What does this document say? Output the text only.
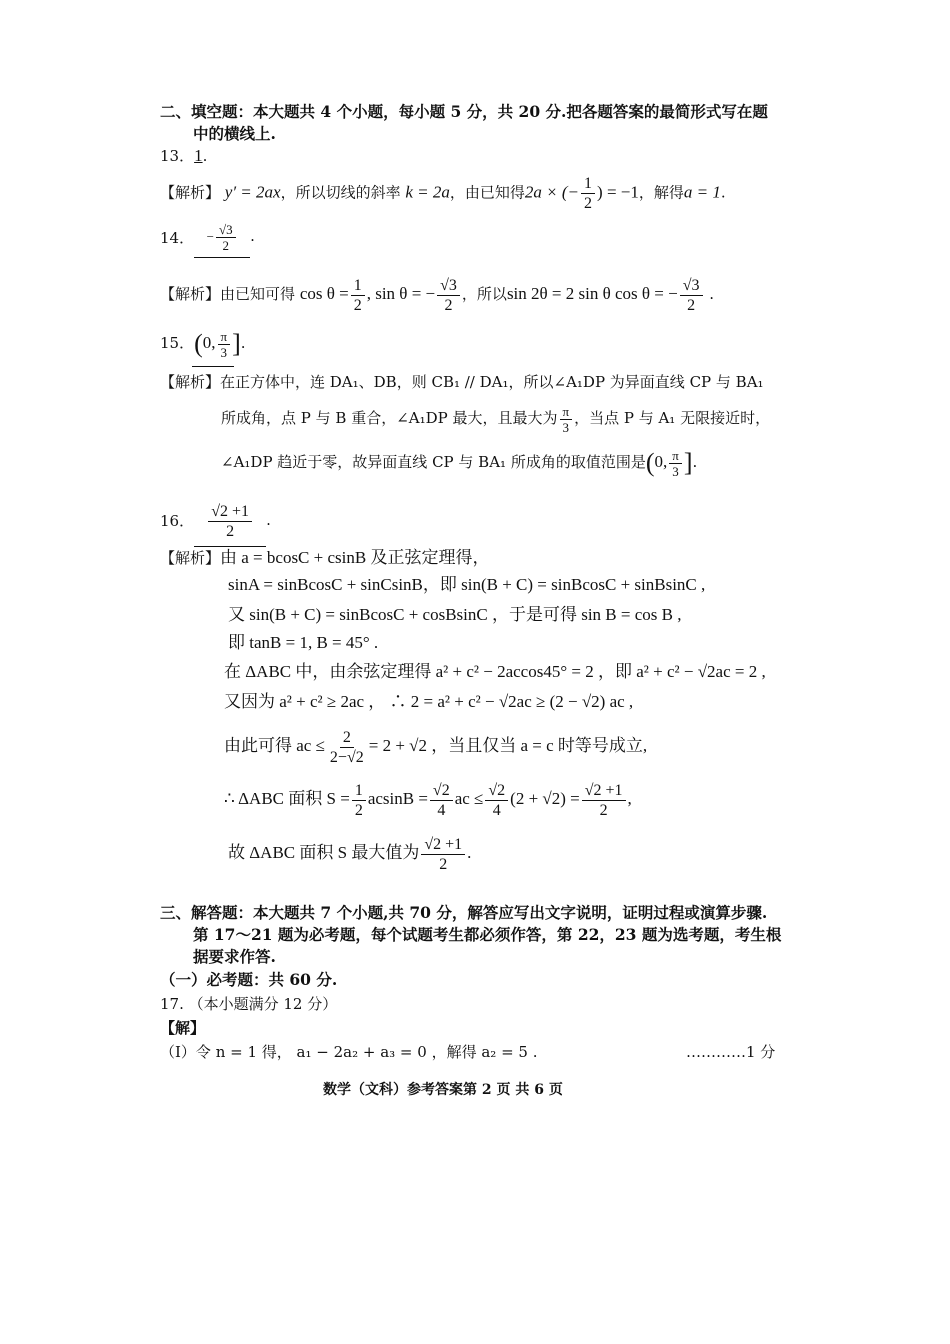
二、填空题：本大题共 4 个小题，每小题 5 分，共 20 分.把各题答案的最简形式写在题
中的横线上.
13．1.
【解析】 y′ = 2ax，所以切线的斜率 k = 2a，由已知得2a × (− $\frac{1}{2}$ ) = −1，解得a = 1.
14． − $\frac{√3}{2}$ .
【解析】由已知可得 $\cos \theta = \frac{1}{2}$ , sin θ = − $\frac{√3}{2}$ ，所以sin 2θ = 2 sin θ cos θ = − $\frac{√3}{2}$ .
15．(0, $\frac{\pi}{3}$ ].
【解析】在正方体中，连 DA₁、DB，则 CB₁ // DA₁，所以∠A₁DP 为异面直线 CP 与 BA₁
所成角，点 P 与 B 重合，∠A₁DP 最大，且最大为 $\frac{\pi}{3}$ ，当点 P 与 A₁ 无限接近时，
∠A₁DP 趋近于零，故异面直线 CP 与 BA₁ 所成角的取值范围是(0, $\frac{\pi}{3}$ ].
16． $\frac{√2 +1}{2}$ .
【解析】由 a = bcosC + csinB 及正弦定理得，
sinA = sinBcosC + sinCsinB，即 sin(B + C) = sinBcosC + sinBsinC ,
又 sin(B + C) = sinBcosC + cosBsinC ，于是可得 sin B = cos B ,
即 tanB = 1, B = 45° .
在 ΔABC 中，由余弦定理得 a² + c² − 2accos45° = 2 ，即 a² + c² − √2ac = 2 ,
又因为 a² + c² ≥ 2ac ， ∴ 2 = a² + c² − √2ac ≥ (2 − √2) ac ,
由此可得 ac ≤ $\frac{2}{2-√2} = 2 + √2$ ，当且仅当 a = c 时等号成立,
∴ ΔABC 面积 $S = \frac{1}{2}$ $acsinB = \frac{√2}{4}$ ac ≤ $\frac{√2}{4} (2 + √2) = \frac{√2 +1}{2}$ ,
故 ΔABC 面积 S 最大值为 $\frac{√2 +1}{2}$ .
三、解答题：本大题共 7 个小题,共 70 分，解答应写出文字说明，证明过程或演算步骤.
第 17～21 题为必考题，每个试题考生都必须作答，第 22，23 题为选考题，考生根
据要求作答.
（一）必考题：共 60 分.
17. （本小题满分 12 分）
【解】
（Ⅰ）令 n = 1 得， a₁ − 2a₂ + a₃ = 0 ，解得 a₂ = 5 .	…………1 分
数学（文科）参考答案第 2 页 共 6 页
